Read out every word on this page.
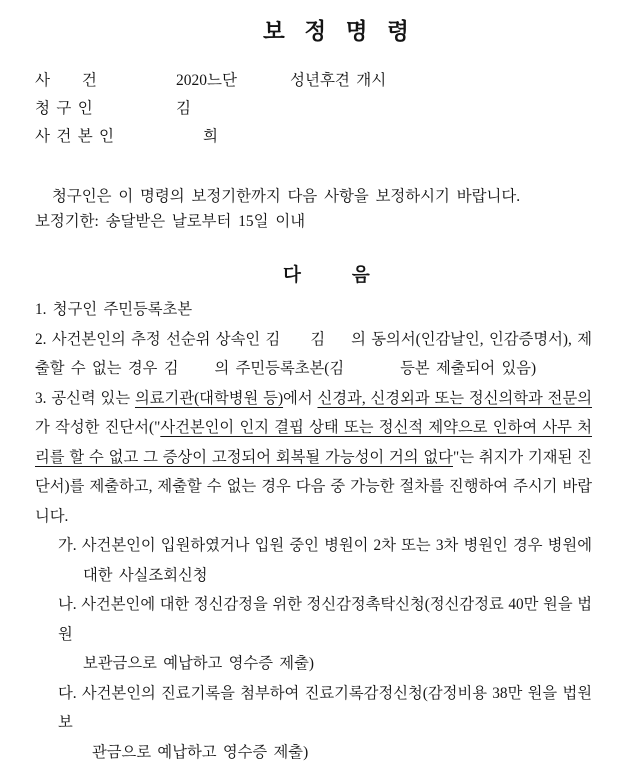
보 정 명 령
사     건	2020느단	성년후견 개시
청 구 인	김
사 건 본 인	희

청구인은 이 명령의 보정기한까지 다음 사항을 보정하시기 바랍니다.

보정기한: 송달받은 날로부터 15일 이내

다	음
1. 청구인 주민등록초본
2. 사건본인의 추정 선순위 상속인 김 김 의 동의서(인감날인, 인감증명서), 제
출할 수 없는 경우 김 의 주민등록초본(김	등본 제출되어 있음)
3. 공신력 있는 의료기관(대학병원 등)에서 신경과, 신경외과 또는 정신의학과 전문의
가 작성한 진단서("사건본인이 인지 결핍 상태 또는 정신적 제약으로 인하여 사무 처
리를 할 수 없고 그 증상이 고정되어 회복될 가능성이 거의 없다"는 취지가 기재된 진
단서)를 제출하고, 제출할 수 없는 경우 다음 중 가능한 절차를 진행하여 주시기 바랍
니다.
가. 사건본인이 입원하였거나 입원 중인 병원이 2차 또는 3차 병원인 경우 병원에
대한 사실조회신청
나. 사건본인에 대한 정신감정을 위한 정신감정촉탁신청(정신감정료 40만 원을 법원
보관금으로 예납하고 영수증 제출)
다. 사건본인의 진료기록을 첨부하여 진료기록감정신청(감정비용 38만 원을 법원 보
관금으로 예납하고 영수증 제출)
